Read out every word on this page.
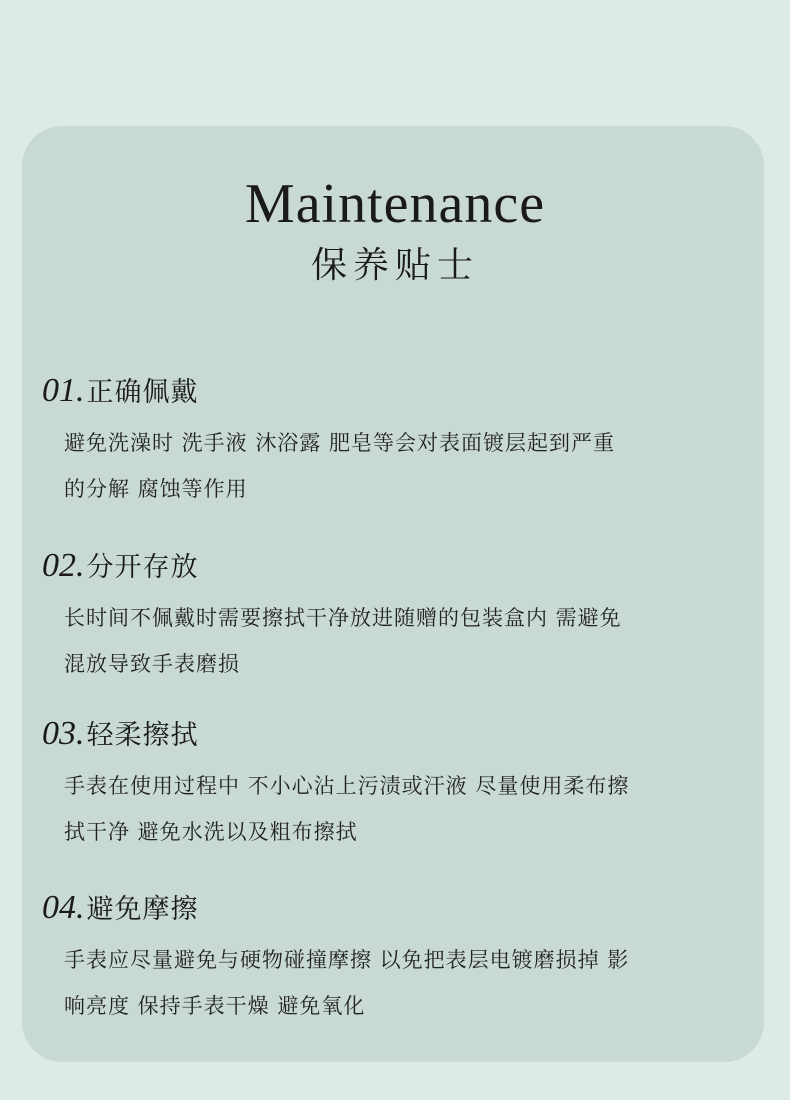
Maintenance
保养贴士
01. 正确佩戴
避免洗澡时 洗手液 沐浴露 肥皂等会对表面镀层起到严重
的分解 腐蚀等作用
02. 分开存放
长时间不佩戴时需要擦拭干净放进随赠的包装盒内 需避免
混放导致手表磨损
03. 轻柔擦拭
手表在使用过程中 不小心沾上污渍或汗液 尽量使用柔布擦
拭干净 避免水洗以及粗布擦拭
04. 避免摩擦
手表应尽量避免与硬物碰撞摩擦 以免把表层电镀磨损掉 影
响亮度 保持手表干燥 避免氧化
